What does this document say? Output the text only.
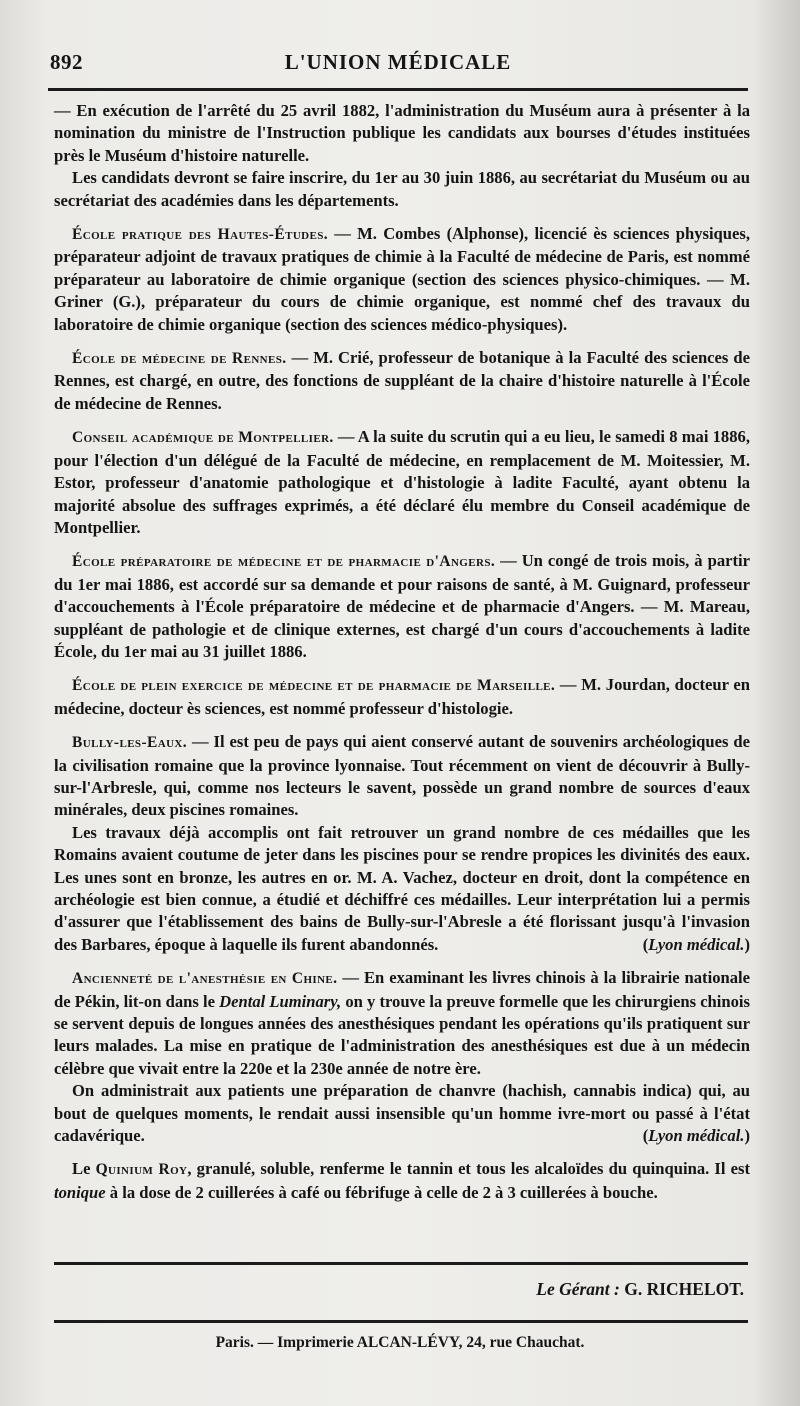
892	L'UNION MÉDICALE

— En exécution de l'arrêté du 25 avril 1882, l'administration du Muséum aura à présenter à la nomination du ministre de l'Instruction publique les candidats aux bourses d'études instituées près le Muséum d'histoire naturelle.

Les candidats devront se faire inscrire, du 1er au 30 juin 1886, au secrétariat du Muséum ou au secrétariat des académies dans les départements.

École pratique des Hautes-Études. — M. Combes (Alphonse), licencié ès sciences physiques, préparateur adjoint de travaux pratiques de chimie à la Faculté de médecine de Paris, est nommé préparateur au laboratoire de chimie organique (section des sciences physico-chimiques. — M. Griner (G.), préparateur du cours de chimie organique, est nommé chef des travaux du laboratoire de chimie organique (section des sciences médico-physiques).

École de médecine de Rennes. — M. Crié, professeur de botanique à la Faculté des sciences de Rennes, est chargé, en outre, des fonctions de suppléant de la chaire d'histoire naturelle à l'École de médecine de Rennes.

Conseil académique de Montpellier. — A la suite du scrutin qui a eu lieu, le samedi 8 mai 1886, pour l'élection d'un délégué de la Faculté de médecine, en remplacement de M. Moitessier, M. Estor, professeur d'anatomie pathologique et d'histologie à ladite Faculté, ayant obtenu la majorité absolue des suffrages exprimés, a été déclaré élu membre du Conseil académique de Montpellier.

École préparatoire de médecine et de pharmacie d'Angers. — Un congé de trois mois, à partir du 1er mai 1886, est accordé sur sa demande et pour raisons de santé, à M. Guignard, professeur d'accouchements à l'École préparatoire de médecine et de pharmacie d'Angers. — M. Mareau, suppléant de pathologie et de clinique externes, est chargé d'un cours d'accouchements à ladite École, du 1er mai au 31 juillet 1886.

École de plein exercice de médecine et de pharmacie de Marseille. — M. Jourdan, docteur en médecine, docteur ès sciences, est nommé professeur d'histologie.

Bully-les-Eaux. — Il est peu de pays qui aient conservé autant de souvenirs archéologiques de la civilisation romaine que la province lyonnaise. Tout récemment on vient de découvrir à Bully-sur-l'Arbresle, qui, comme nos lecteurs le savent, possède un grand nombre de sources d'eaux minérales, deux piscines romaines.

Les travaux déjà accomplis ont fait retrouver un grand nombre de ces médailles que les Romains avaient coutume de jeter dans les piscines pour se rendre propices les divinités des eaux. Les unes sont en bronze, les autres en or. M. A. Vachez, docteur en droit, dont la compétence en archéologie est bien connue, a étudié et déchiffré ces médailles. Leur interprétation lui a permis d'assurer que l'établissement des bains de Bully-sur-l'Abresle a été florissant jusqu'à l'invasion des Barbares, époque à laquelle ils furent abandonnés.	( Lyon médical. )

Ancienneté de l'anesthésie en Chine. — En examinant les livres chinois à la librairie nationale de Pékin, lit-on dans le Dental Luminary, on y trouve la preuve formelle que les chirurgiens chinois se servent depuis de longues années des anesthésiques pendant les opérations qu'ils pratiquent sur leurs malades. La mise en pratique de l'administration des anesthésiques est due à un médecin célèbre que vivait entre la 220e et la 230e année de notre ère.

On administrait aux patients une préparation de chanvre (hachish, cannabis indica) qui, au bout de quelques moments, le rendait aussi insensible qu'un homme ivre-mort ou passé à l'état cadavérique.	( Lyon médical. )

Le Quinium Roy, granulé, soluble, renferme le tannin et tous les alcaloïdes du quinquina. Il est tonique à la dose de 2 cuillerées à café ou fébrifuge à celle de 2 à 3 cuillerées à bouche.

Le Gérant : G. RICHELOT.
Paris. — Imprimerie ALCAN-LÉVY, 24, rue Chauchat.
